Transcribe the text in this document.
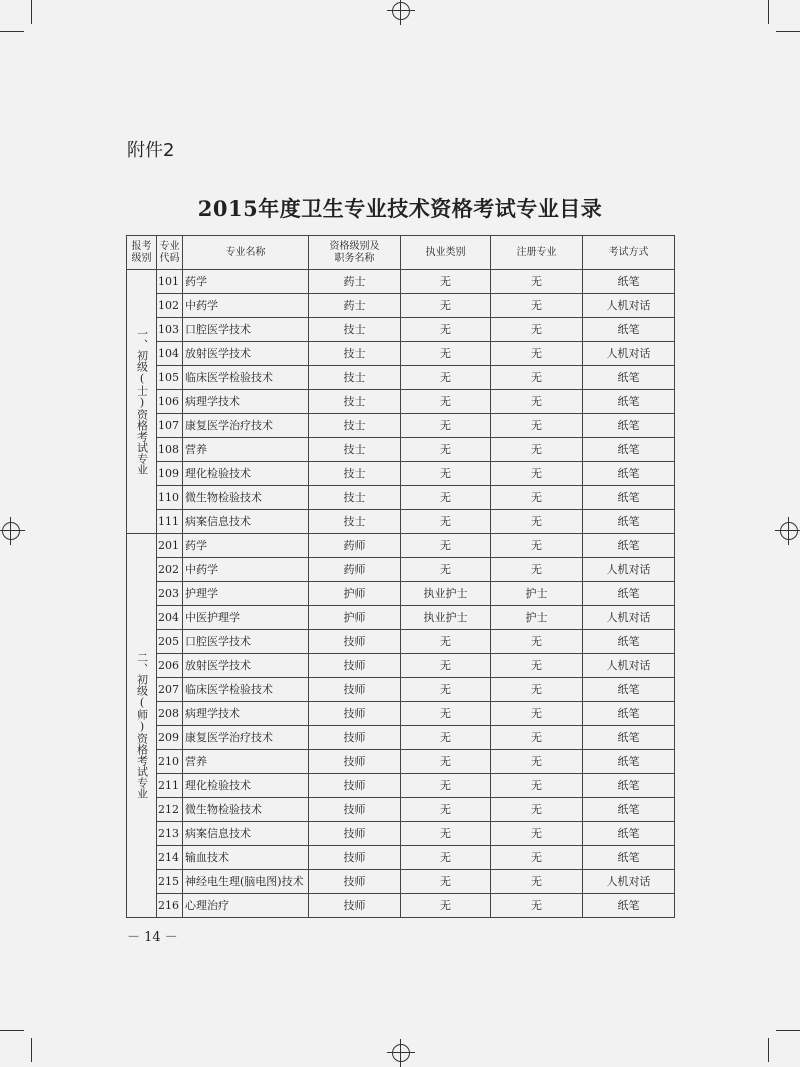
附件2
2015年度卫生专业技术资格考试专业目录
报考级别	专业代码	专业名称	资格级别及职务名称	执业类别	注册专业	考试方式

一、初级(士)资格考试专业	101	药学	药士	无	无	纸笔
	102	中药学	药士	无	无	人机对话
	103	口腔医学技术	技士	无	无	纸笔
	104	放射医学技术	技士	无	无	人机对话
	105	临床医学检验技术	技士	无	无	纸笔
	106	病理学技术	技士	无	无	纸笔
	107	康复医学治疗技术	技士	无	无	纸笔
	108	营养	技士	无	无	纸笔
	109	理化检验技术	技士	无	无	纸笔
	110	微生物检验技术	技士	无	无	纸笔
	111	病案信息技术	技士	无	无	纸笔

二、初级(师)资格考试专业	201	药学	药师	无	无	纸笔
	202	中药学	药师	无	无	人机对话
	203	护理学	护师	执业护士	护士	纸笔
	204	中医护理学	护师	执业护士	护士	人机对话
	205	口腔医学技术	技师	无	无	纸笔
	206	放射医学技术	技师	无	无	人机对话
	207	临床医学检验技术	技师	无	无	纸笔
	208	病理学技术	技师	无	无	纸笔
	209	康复医学治疗技术	技师	无	无	纸笔
	210	营养	技师	无	无	纸笔
	211	理化检验技术	技师	无	无	纸笔
	212	微生物检验技术	技师	无	无	纸笔
	213	病案信息技术	技师	无	无	纸笔
	214	输血技术	技师	无	无	纸笔
	215	神经电生理(脑电图)技术	技师	无	无	人机对话
	216	心理治疗	技师	无	无	纸笔
－ 14 －
